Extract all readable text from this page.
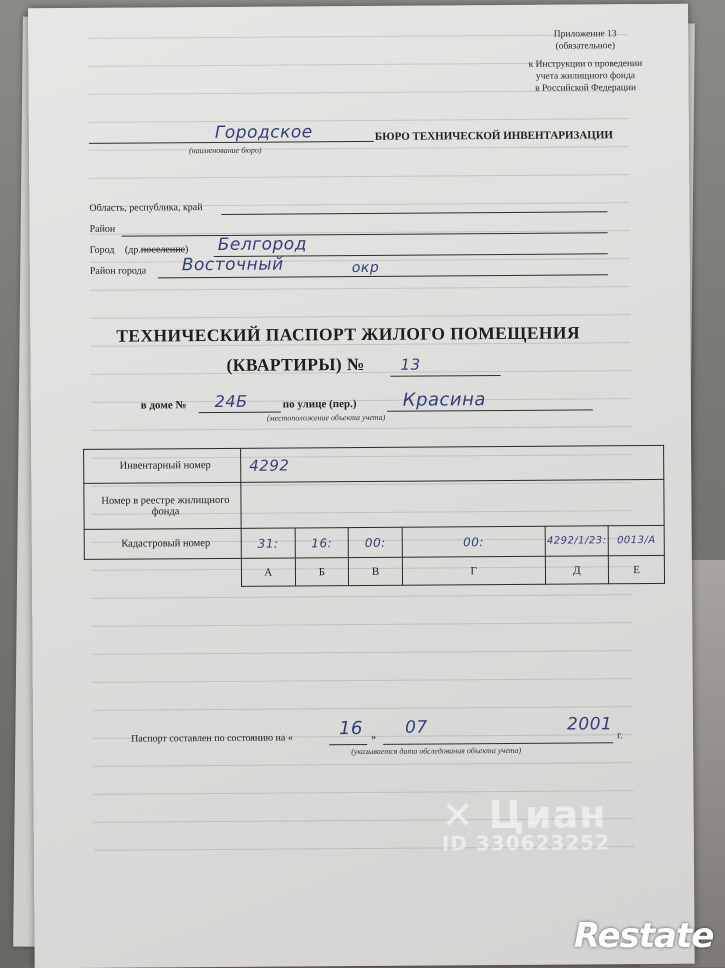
Приложение 13
(обязательное)
к Инструкции о проведении
учета жилищного фонда
в Российской Федерации
Городское
(наименование бюро)
БЮРО ТЕХНИЧЕСКОЙ ИНВЕНТАРИЗАЦИИ
Область, республика, край
Район
Город (др.поселение) Белгород
Район города Восточный	окр
ТЕХНИЧЕСКИЙ ПАСПОРТ ЖИЛОГО ПОМЕЩЕНИЯ
(КВАРТИРЫ) № 13
в доме № 24Б	по улице (пер.)	Красина
(местоположение объекта учета)
Инвентарный номер	4292					
Номер в реестре жилищного фонда						
Кадастровый номер	31:	16:	00:	00:	4292/1/23:	0013/А
	А	Б	В	Г	Д	Е
Паспорт составлен по состоянию на «	16 » 07	2001
г.
(указывается дата обследования объекта учета)
✕ Циан
ID 330623252
Restate
